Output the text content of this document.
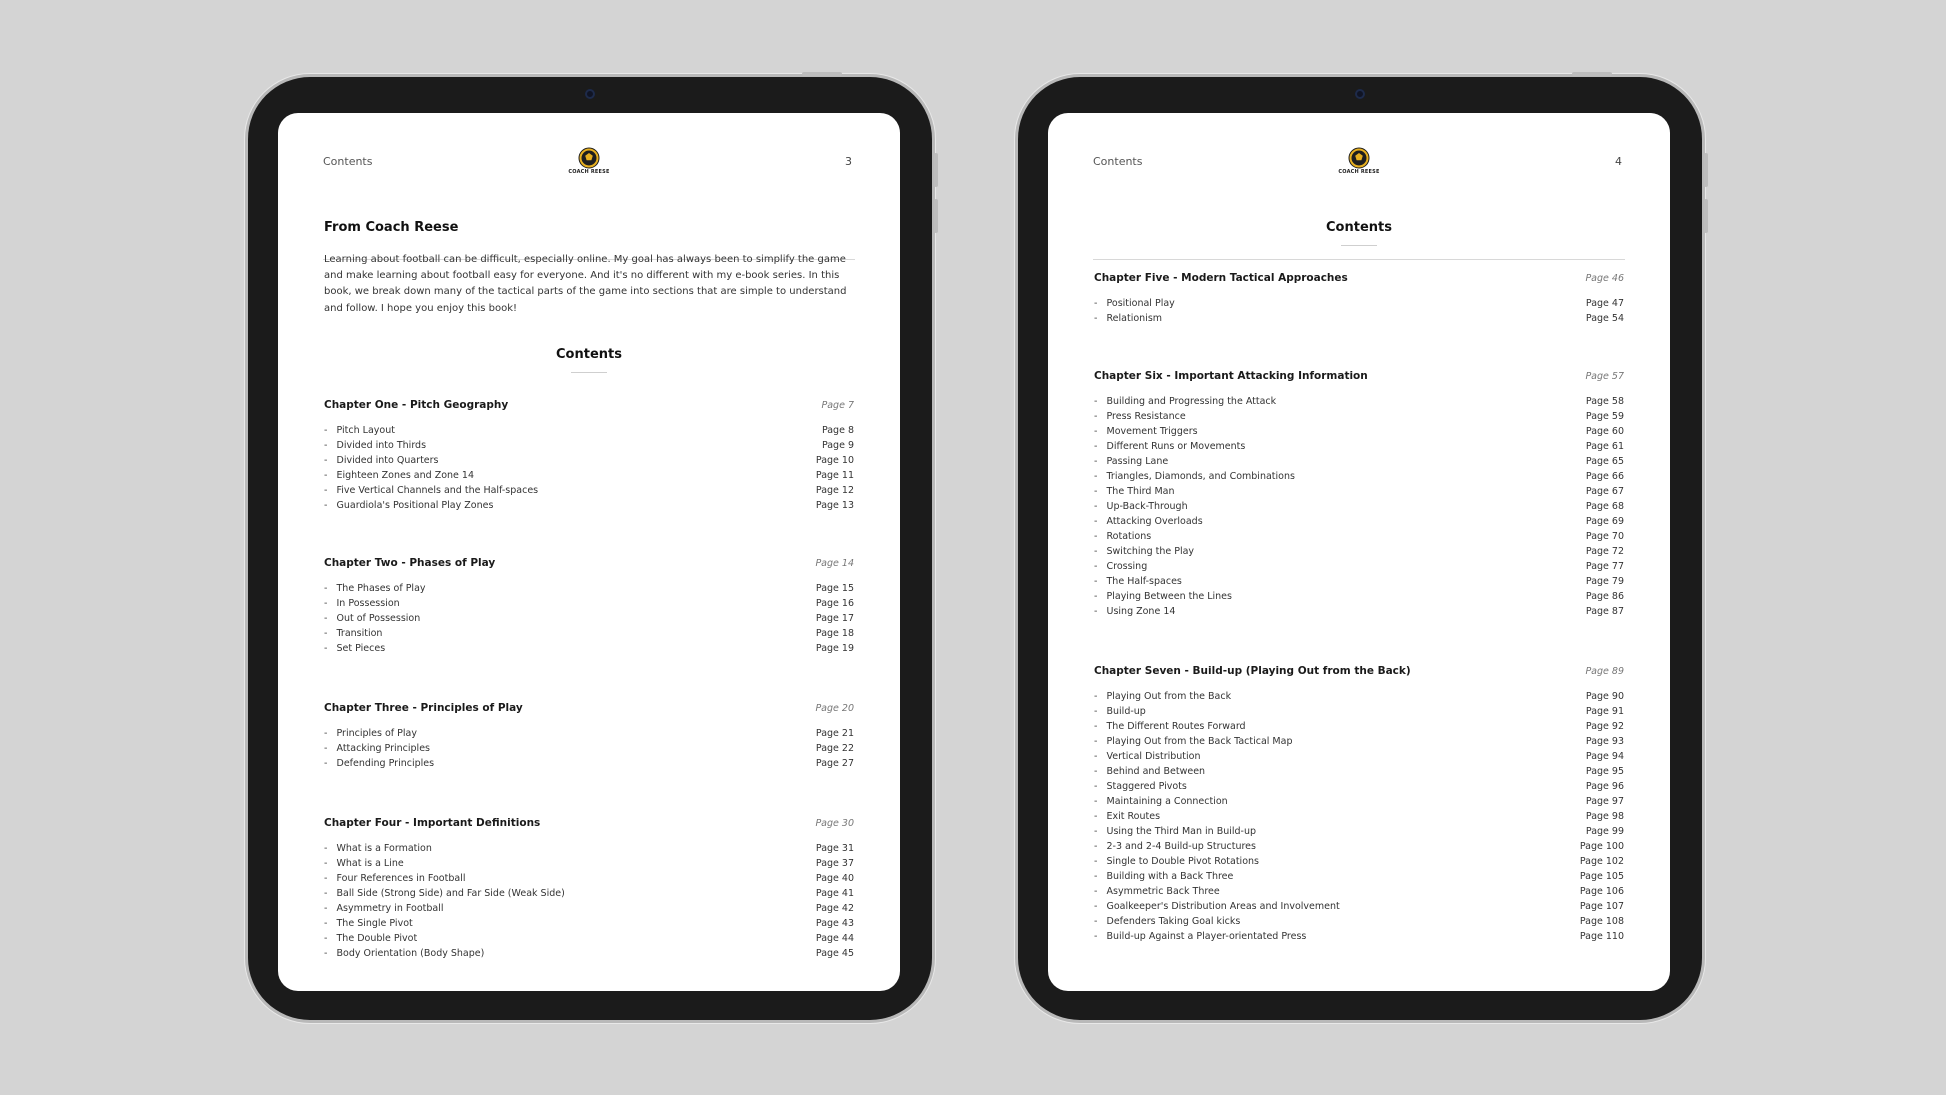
Contents
COACH REESE
3
From Coach Reese

Learning about football can be difficult, especially online. My goal has always been to simplify the game and make learning about football easy for everyone. And it's no different with my e-book series. In this book, we break down many of the tactical parts of the game into sections that are simple to understand and follow. I hope you enjoy this book!

Contents
Chapter One - Pitch Geography	Page 7
-   Pitch Layout	Page 8
-   Divided into Thirds	Page 9
-   Divided into Quarters	Page 10
-   Eighteen Zones and Zone 14	Page 11
-   Five Vertical Channels and the Half-spaces	Page 12
-   Guardiola's Positional Play Zones	Page 13
Chapter Two - Phases of Play	Page 14
-   The Phases of Play	Page 15
-   In Possession	Page 16
-   Out of Possession	Page 17
-   Transition	Page 18
-   Set Pieces	Page 19
Chapter Three - Principles of Play	Page 20
-   Principles of Play	Page 21
-   Attacking Principles	Page 22
-   Defending Principles	Page 27
Chapter Four - Important Definitions	Page 30
-   What is a Formation	Page 31
-   What is a Line	Page 37
-   Four References in Football	Page 40
-   Ball Side (Strong Side) and Far Side (Weak Side)	Page 41
-   Asymmetry in Football	Page 42
-   The Single Pivot	Page 43
-   The Double Pivot	Page 44
-   Body Orientation (Body Shape)	Page 45
Contents
COACH REESE
4
Contents
Chapter Five - Modern Tactical Approaches	Page 46
-   Positional Play	Page 47
-   Relationism	Page 54
Chapter Six - Important Attacking Information	Page 57
-   Building and Progressing the Attack	Page 58
-   Press Resistance	Page 59
-   Movement Triggers	Page 60
-   Different Runs or Movements	Page 61
-   Passing Lane	Page 65
-   Triangles, Diamonds, and Combinations	Page 66
-   The Third Man	Page 67
-   Up-Back-Through	Page 68
-   Attacking Overloads	Page 69
-   Rotations	Page 70
-   Switching the Play	Page 72
-   Crossing	Page 77
-   The Half-spaces	Page 79
-   Playing Between the Lines	Page 86
-   Using Zone 14	Page 87
Chapter Seven - Build-up (Playing Out from the Back)	Page 89
-   Playing Out from the Back	Page 90
-   Build-up	Page 91
-   The Different Routes Forward	Page 92
-   Playing Out from the Back Tactical Map	Page 93
-   Vertical Distribution	Page 94
-   Behind and Between	Page 95
-   Staggered Pivots	Page 96
-   Maintaining a Connection	Page 97
-   Exit Routes	Page 98
-   Using the Third Man in Build-up	Page 99
-   2-3 and 2-4 Build-up Structures	Page 100
-   Single to Double Pivot Rotations	Page 102
-   Building with a Back Three	Page 105
-   Asymmetric Back Three	Page 106
-   Goalkeeper's Distribution Areas and Involvement	Page 107
-   Defenders Taking Goal kicks	Page 108
-   Build-up Against a Player-orientated Press	Page 110
